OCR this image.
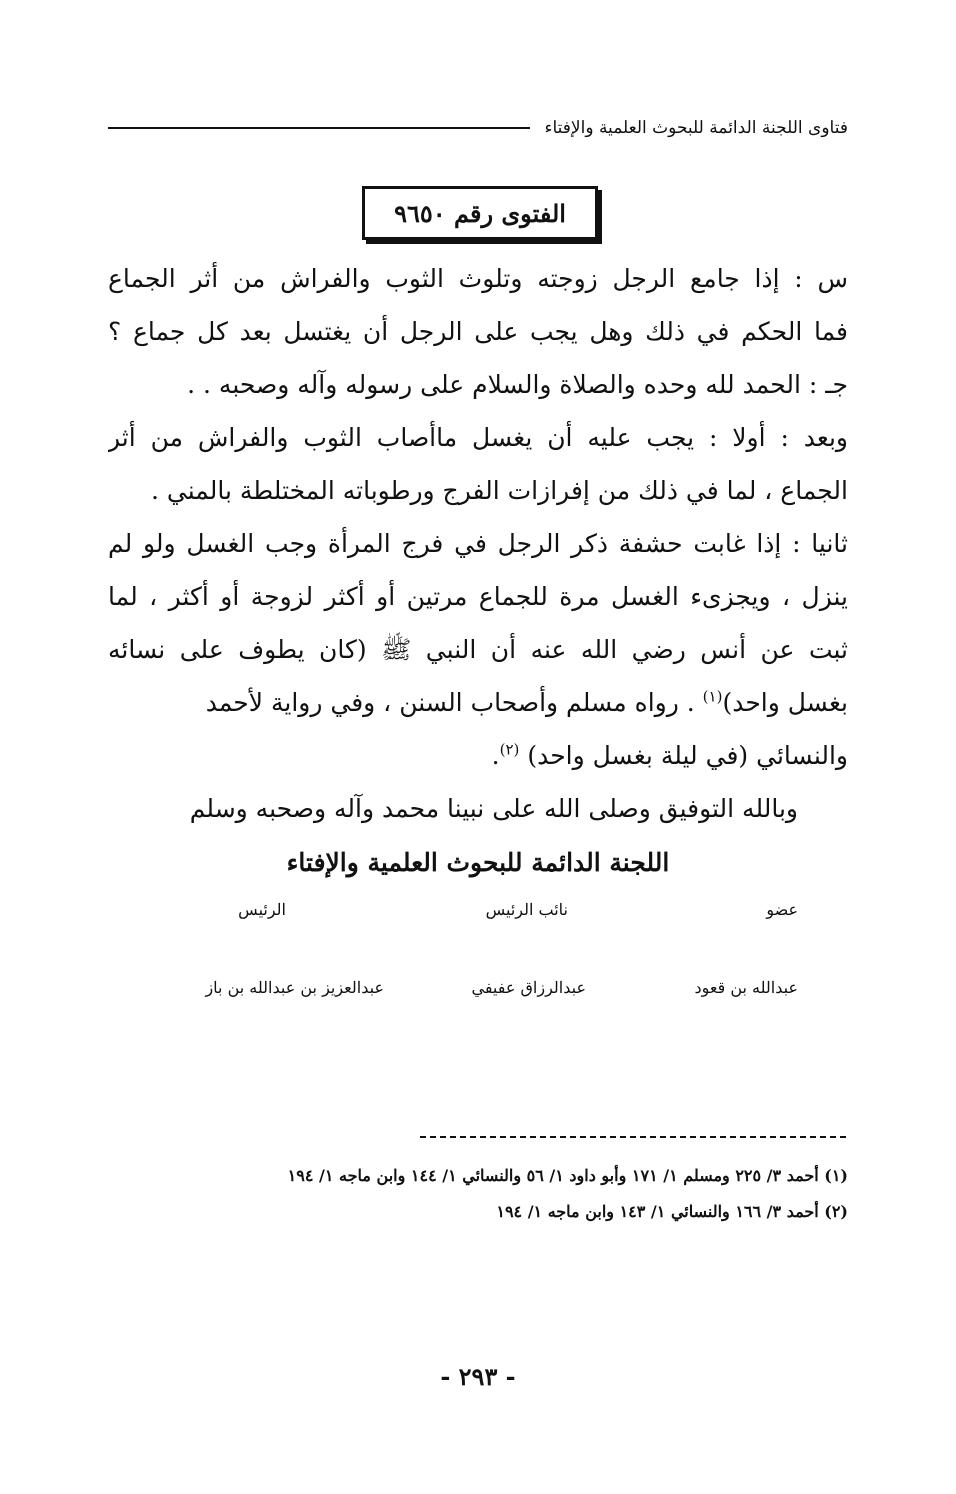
فتاوى اللجنة الدائمة للبحوث العلمية والإفتاء
الفتوى رقم ٩٦٥٠
س : إذا جامع الرجل زوجته وتلوث الثوب والفراش من أثر الجماع
فما الحكم في ذلك وهل يجب على الرجل أن يغتسل بعد كل جماع ؟
جـ : الحمد لله وحده والصلاة والسلام على رسوله وآله وصحبه . .
وبعد : أولا : يجب عليه أن يغسل ماأصاب الثوب والفراش من أثر
الجماع ، لما في ذلك من إفرازات الفرج ورطوباته المختلطة بالمني .
ثانيا : إذا غابت حشفة ذكر الرجل في فرج المرأة وجب الغسل ولو لم
ينزل ، ويجزىء الغسل مرة للجماع مرتين أو أكثر لزوجة أو أكثر ، لما
ثبت عن أنس رضي الله عنه أن النبي ﷺ (كان يطوف على نسائه
بغسل واحد)$^{(١)}$ . رواه مسلم وأصحاب السنن ، وفي رواية لأحمد
والنسائي (في ليلة بغسل واحد) $^{(٢)}$.
وبالله التوفيق وصلى الله على نبينا محمد وآله وصحبه وسلم
اللجنة الدائمة للبحوث العلمية والإفتاء
عضو
نائب الرئيس
الرئيس
عبدالله بن قعود
عبدالرزاق عفيفي
عبدالعزيز بن عبدالله بن باز
(١) أحمد ٣/ ٢٢٥ ومسلم ١/ ١٧١ وأبو داود ١/ ٥٦ والنسائي ١/ ١٤٤ وابن ماجه ١/ ١٩٤
(٢) أحمد ٣/ ١٦٦ والنسائي ١/ ١٤٣ وابن ماجه ١/ ١٩٤
- ٢٩٣ -
